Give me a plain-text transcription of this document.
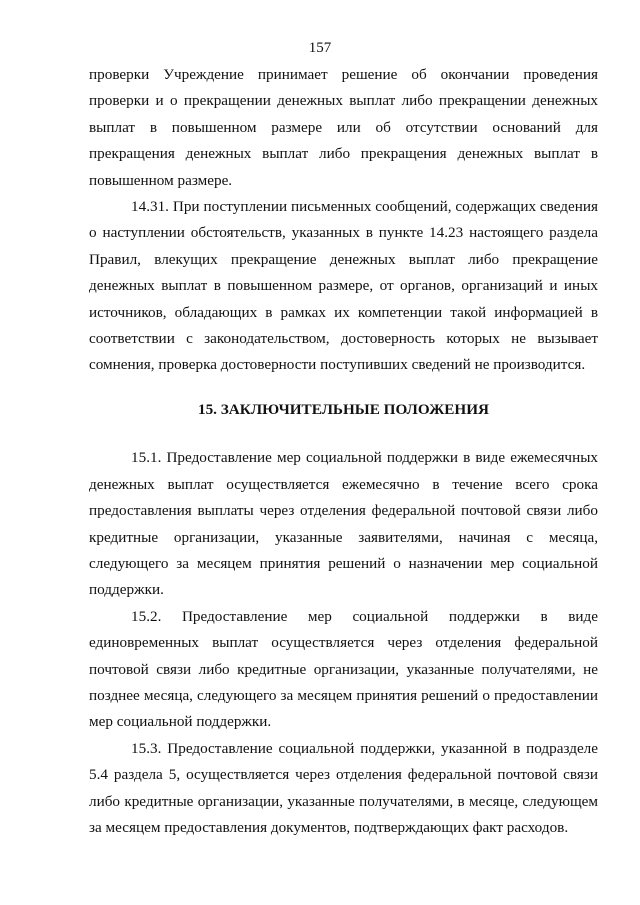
157

проверки Учреждение принимает решение об окончании проведения проверки и о прекращении денежных выплат либо прекращении денежных выплат в повышенном размере или об отсутствии оснований для прекращения денежных выплат либо прекращения денежных выплат в повышенном размере.

14.31. При поступлении письменных сообщений, содержащих сведения о наступлении обстоятельств, указанных в пункте 14.23 настоящего раздела Правил, влекущих прекращение денежных выплат либо прекращение денежных выплат в повышенном размере, от органов, организаций и иных источников, обладающих в рамках их компетенции такой информацией в соответствии с законодательством, достоверность которых не вызывает сомнения, проверка достоверности поступивших сведений не производится.

15. ЗАКЛЮЧИТЕЛЬНЫЕ ПОЛОЖЕНИЯ

15.1. Предоставление мер социальной поддержки в виде ежемесячных денежных выплат осуществляется ежемесячно в течение всего срока предоставления выплаты через отделения федеральной почтовой связи либо кредитные организации, указанные заявителями, начиная с месяца, следующего за месяцем принятия решений о назначении мер социальной поддержки.

15.2. Предоставление мер социальной поддержки в виде единовременных выплат осуществляется через отделения федеральной почтовой связи либо кредитные организации, указанные получателями, не позднее месяца, следующего за месяцем принятия решений о предоставлении мер социальной поддержки.

15.3. Предоставление социальной поддержки, указанной в подразделе 5.4 раздела 5, осуществляется через отделения федеральной почтовой связи либо кредитные организации, указанные получателями, в месяце, следующем за месяцем предоставления документов, подтверждающих факт расходов.
